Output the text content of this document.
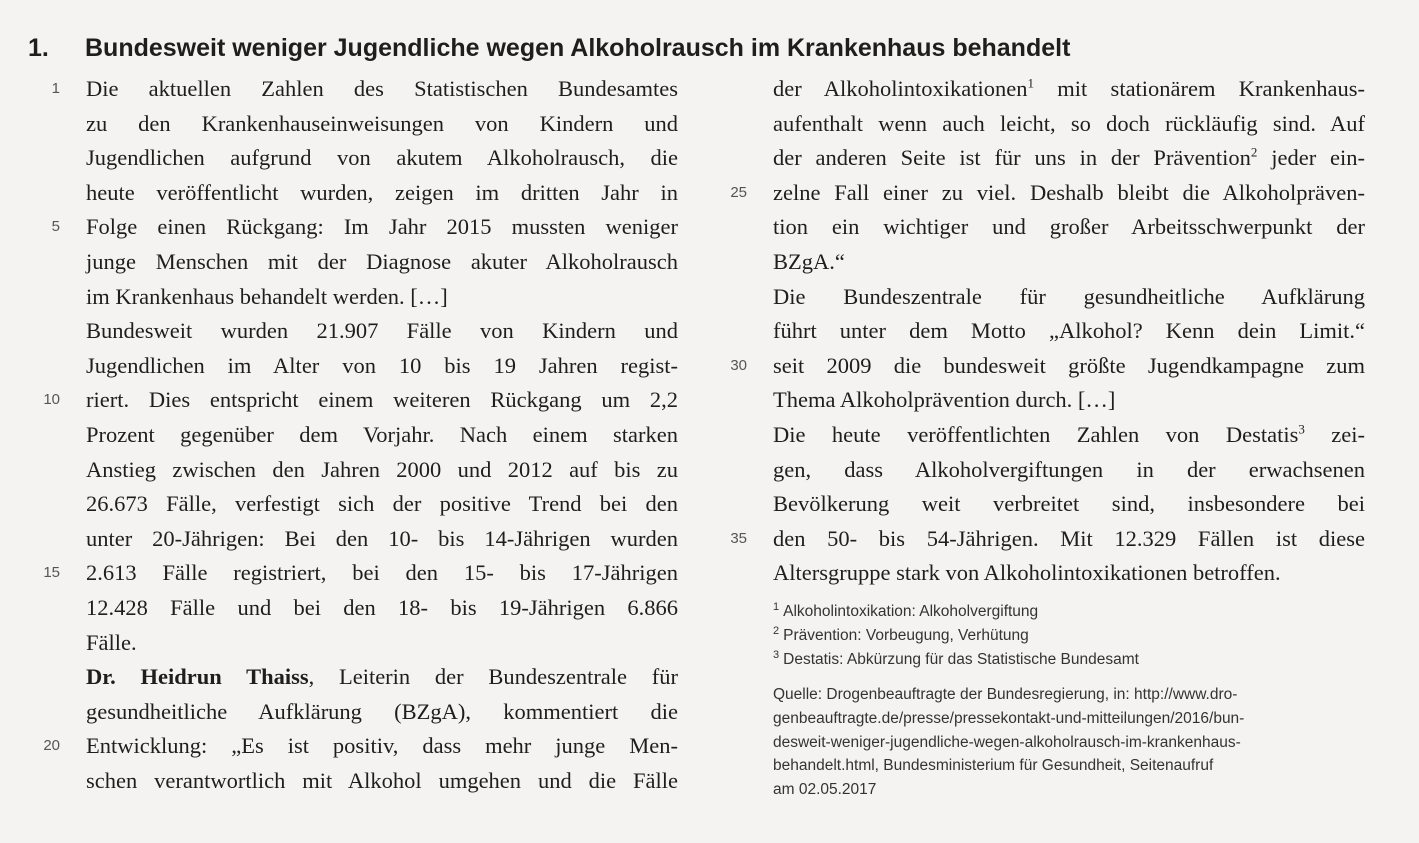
1. Bundesweit weniger Jugendliche wegen Alkoholrausch im Krankenhaus behandelt
1 Die aktuellen Zahlen des Statistischen Bundesamtes
zu den Krankenhauseinweisungen von Kindern und
Jugendlichen aufgrund von akutem Alkoholrausch, die
heute veröffentlicht wurden, zeigen im dritten Jahr in
5 Folge einen Rückgang: Im Jahr 2015 mussten weniger
junge Menschen mit der Diagnose akuter Alkoholrausch
im Krankenhaus behandelt werden. […]
Bundesweit wurden 21.907 Fälle von Kindern und
Jugendlichen im Alter von 10 bis 19 Jahren regist-
10 riert. Dies entspricht einem weiteren Rückgang um 2,2
Prozent gegenüber dem Vorjahr. Nach einem starken
Anstieg zwischen den Jahren 2000 und 2012 auf bis zu
26.673 Fälle, verfestigt sich der positive Trend bei den
unter 20-Jährigen: Bei den 10- bis 14-Jährigen wurden
15 2.613 Fälle registriert, bei den 15- bis 17-Jährigen
12.428 Fälle und bei den 18- bis 19-Jährigen 6.866
Fälle.
Dr. Heidrun Thaiss, Leiterin der Bundeszentrale für
gesundheitliche Aufklärung (BZgA), kommentiert die
20 Entwicklung: „Es ist positiv, dass mehr junge Men-
schen verantwortlich mit Alkohol umgehen und die Fälle
der Alkoholintoxikationen$^1$ mit stationärem Krankenhaus-
aufenthalt wenn auch leicht, so doch rückläufig sind. Auf
der anderen Seite ist für uns in der Prävention$^2$ jeder ein-
25 zelne Fall einer zu viel. Deshalb bleibt die Alkoholpräven-
tion ein wichtiger und großer Arbeitsschwerpunkt der
BZgA.“
Die Bundeszentrale für gesundheitliche Aufklärung
führt unter dem Motto „Alkohol? Kenn dein Limit.“
30 seit 2009 die bundesweit größte Jugendkampagne zum
Thema Alkoholprävention durch. […]
Die heute veröffentlichten Zahlen von Destatis$^3$ zei-
gen, dass Alkoholvergiftungen in der erwachsenen
Bevölkerung weit verbreitet sind, insbesondere bei
35 den 50- bis 54-Jährigen. Mit 12.329 Fällen ist diese
Altersgruppe stark von Alkoholintoxikationen betroffen.
$^1$ Alkoholintoxikation: Alkoholvergiftung
$^2$ Prävention: Vorbeugung, Verhütung
$^3$ Destatis: Abkürzung für das Statistische Bundesamt
Quelle: Drogenbeauftragte der Bundesregierung, in: http://www.dro-
genbeauftragte.de/presse/pressekontakt-und-mitteilungen/2016/bun-
desweit-weniger-jugendliche-wegen-alkoholrausch-im-krankenhaus-
behandelt.html, Bundesministerium für Gesundheit, Seitenaufruf
am 02.05.2017
